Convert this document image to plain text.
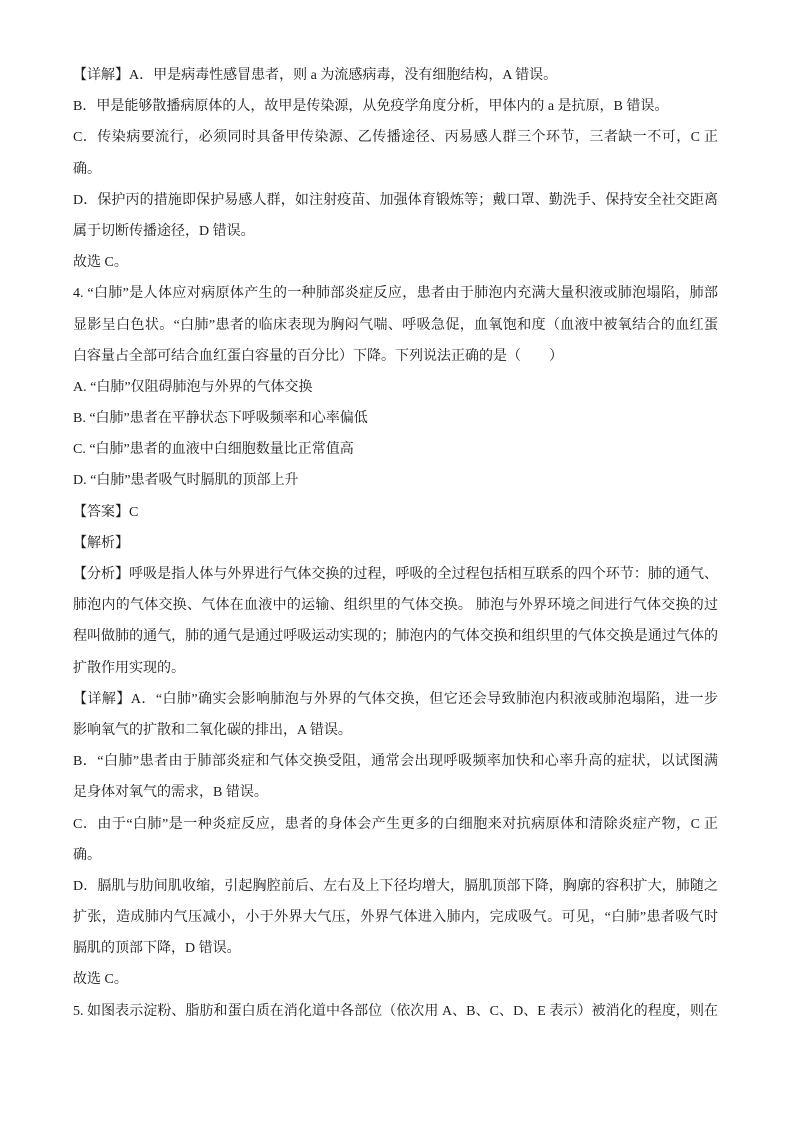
【详解】A．甲是病毒性感冒患者，则 a 为流感病毒，没有细胞结构，A 错误。
B．甲是能够散播病原体的人，故甲是传染源，从免疫学角度分析，甲体内的 a 是抗原，B 错误。
C．传染病要流行，必须同时具备甲传染源、乙传播途径、丙易感人群三个环节，三者缺一不可，C 正
确。
D．保护丙的措施即保护易感人群，如注射疫苗、加强体育锻炼等；戴口罩、勤洗手、保持安全社交距离
属于切断传播途径，D 错误。
故选 C。
4. “白肺”是人体应对病原体产生的一种肺部炎症反应，患者由于肺泡内充满大量积液或肺泡塌陷，肺部
显影呈白色状。“白肺”患者的临床表现为胸闷气喘、呼吸急促，血氧饱和度（血液中被氧结合的血红蛋
白容量占全部可结合血红蛋白容量的百分比）下降。下列说法正确的是（　　）
A. “白肺”仅阻碍肺泡与外界的气体交换
B. “白肺”患者在平静状态下呼吸频率和心率偏低
C. “白肺”患者的血液中白细胞数量比正常值高
D. “白肺”患者吸气时膈肌的顶部上升
【答案】C
【解析】
【分析】呼吸是指人体与外界进行气体交换的过程，呼吸的全过程包括相互联系的四个环节：肺的通气、
肺泡内的气体交换、气体在血液中的运输、组织里的气体交换。 肺泡与外界环境之间进行气体交换的过
程叫做肺的通气，肺的通气是通过呼吸运动实现的；肺泡内的气体交换和组织里的气体交换是通过气体的
扩散作用实现的。
【详解】A．“白肺”确实会影响肺泡与外界的气体交换，但它还会导致肺泡内积液或肺泡塌陷，进一步
影响氧气的扩散和二氧化碳的排出，A 错误。
B．“白肺”患者由于肺部炎症和气体交换受阻，通常会出现呼吸频率加快和心率升高的症状，以试图满
足身体对氧气的需求，B 错误。
C．由于“白肺”是一种炎症反应，患者的身体会产生更多的白细胞来对抗病原体和清除炎症产物，C 正
确。
D．膈肌与肋间肌收缩，引起胸腔前后、左右及上下径均增大，膈肌顶部下降，胸廓的容积扩大，肺随之
扩张，造成肺内气压减小，小于外界大气压，外界气体进入肺内，完成吸气。可见，“白肺”患者吸气时
膈肌的顶部下降，D 错误。
故选 C。
5. 如图表示淀粉、脂肪和蛋白质在消化道中各部位（依次用 A、B、C、D、E 表示）被消化的程度，则在
